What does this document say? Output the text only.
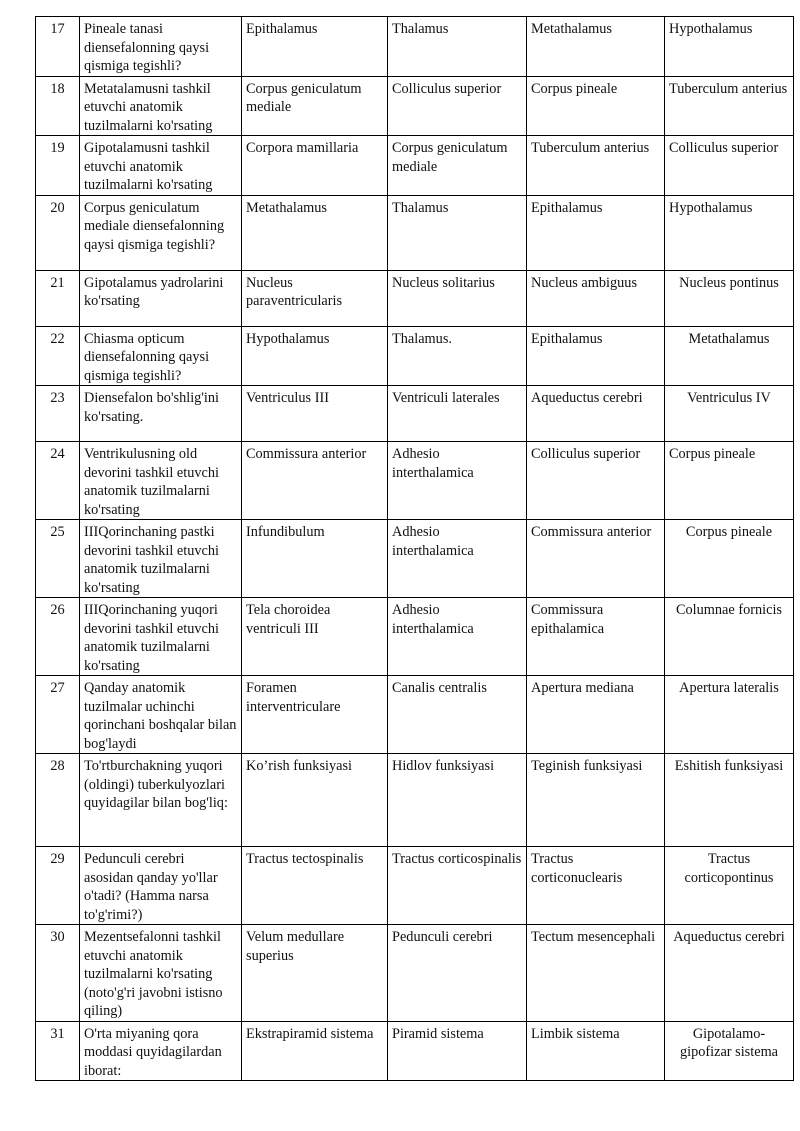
17	Pineale tanasi diensefalonning qaysi qismiga tegishli?	Epithalamus	Thalamus	Metathalamus	Hypothalamus
18	Metatalamusni tashkil etuvchi anatomik tuzilmalarni ko'rsating	Corpus geniculatum mediale	Colliculus superior	Corpus pineale	Tuberculum anterius
19	Gipotalamusni tashkil etuvchi anatomik tuzilmalarni ko'rsating	Corpora mamillaria	Corpus geniculatum mediale	Tuberculum anterius	Colliculus superior
20	Corpus geniculatum mediale diensefalonning qaysi qismiga tegishli?	Metathalamus	Thalamus	Epithalamus	Hypothalamus
21	Gipotalamus yadrolarini ko'rsating	Nucleus paraventricularis	Nucleus solitarius	Nucleus ambiguus	Nucleus pontinus
22	Chiasma opticum diensefalonning qaysi qismiga tegishli?	Hypothalamus	Thalamus.	Epithalamus	Metathalamus
23	Diensefalon bo'shlig'ini ko'rsating.	Ventriculus III	Ventriculi laterales	Aqueductus cerebri	Ventriculus IV
24	Ventrikulusning old devorini tashkil etuvchi anatomik tuzilmalarni ko'rsating	Commissura anterior	Adhesio interthalamica	Colliculus superior	Corpus pineale
25	IIIQorinchaning pastki devorini tashkil etuvchi anatomik tuzilmalarni ko'rsating	Infundibulum	Adhesio interthalamica	Commissura anterior	Corpus pineale
26	IIIQorinchaning yuqori devorini tashkil etuvchi anatomik tuzilmalarni ko'rsating	Tela choroidea ventriculi III	Adhesio interthalamica	Commissura epithalamica	Columnae fornicis
27	Qanday anatomik tuzilmalar uchinchi qorinchani boshqalar bilan bog'laydi	Foramen interventriculare	Canalis centralis	Apertura mediana	Apertura lateralis
28	To'rtburchakning yuqori (oldingi) tuberkulyozlari quyidagilar bilan bog'liq:	Ko’rish funksiyasi	Hidlov funksiyasi	Teginish funksiyasi	Eshitish funksiyasi
29	Pedunculi cerebri asosidan qanday yo'llar o'tadi? (Hamma narsa to'g'rimi?)	Tractus tectospinalis	Tractus corticospinalis	Tractus corticonuclearis	Tractus corticopontinus
30	Mezentsefalonni tashkil etuvchi anatomik tuzilmalarni ko'rsating (noto'g'ri javobni istisno qiling)	Velum medullare superius	Pedunculi cerebri	Tectum mesencephali	Aqueductus cerebri
31	O'rta miyaning qora moddasi quyidagilardan iborat:	Ekstrapiramid sistema	Piramid sistema	Limbik sistema	Gipotalamo-gipofizar sistema
